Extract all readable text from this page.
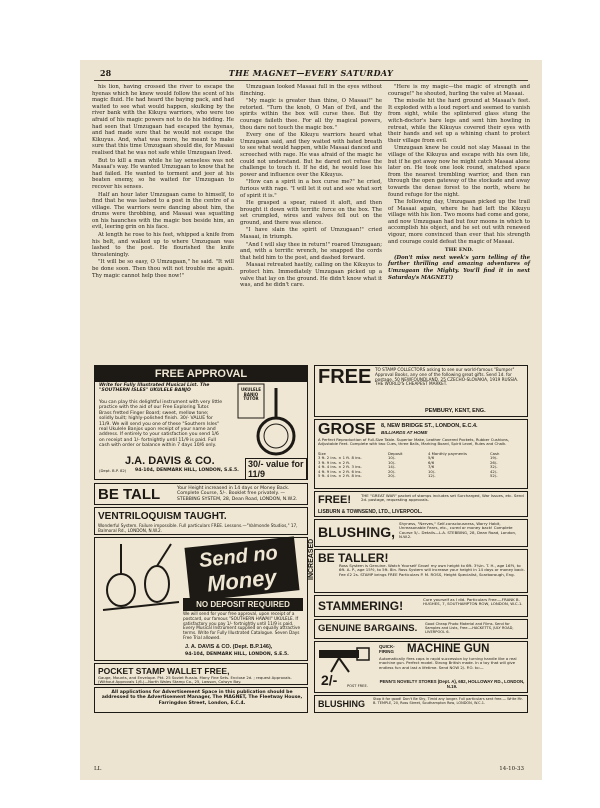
28	THE MAGNET—EVERY SATURDAY

his lion, having crossed the river to escape the hyenas which he knew would follow the scent of his magic fluid. He had heard the baying pack, and had waited to see what would happen, skulking by the river bank with the Kikuyu warriors, who were too afraid of his magic powers not to do his bidding. He had seen that Umzugaan had escaped the hyenas, and had made sure that he would not escape the Kikuyus. And, what was more, he meant to make sure that this time Umzugaan should die, for Masaai realised that he was not safe while Umzugaan lived.

But to kill a man while he lay senseless was not Masaai's way. He wanted Umzugaan to know that he had failed. He wanted to torment and jeer at his beaten enemy, so he waited for Umzugaan to recover his senses.

Half an hour later Umzugaan came to himself, to find that he was lashed to a post in the centre of a village. The warriors were dancing about him, the drums were throbbing, and Masaai was squatting on his haunches with the magic box beside him, an evil, leering grin on his face.

At length he rose to his feet, whipped a knife from his belt, and walked up to where Umzugaan was lashed to the post. He flourished the knife threateningly.

"It will be so easy, O Umzugaan," he said. "It will be done soon. Then thou wilt not trouble me again. Thy magic cannot help thee now!"

Umzugaan looked Masaai full in the eyes without flinching.

"My magic is greater than thine, O Masaai!" he retorted. "Turn the knob, O Man of Evil, and the spirits within the box will curse thee. But thy courage faileth thee. For all thy magical powers, thou dare not touch the magic box."

Every one of the Kikuyu warriors heard what Umzugaan said, and they waited with bated breath to see what would happen, while Masaai danced and screeched with rage. He was afraid of the magic he could not understand. But he dared not refuse the challenge to touch it. If he did, he would lose his power and influence over the Kikuyus.

"How can a spirit in a box curse me?" he cried, furious with rage. "I will let it out and see what sort of spirit it is."

He grasped a spear, raised it aloft, and then brought it down with terrific force on the box. The set crumpled, wires and valves fell out on the ground, and there was silence.

"I have slain the spirit of Umzugaan!" cried Masaai, in triumph.

"And I will slay thee in return!" roared Umzugaan; and, with a terrific wrench, he snapped the cords that held him to the post, and dashed forward.

Masaai retreated hastily, calling on the Kikuyus to protect him. Immediately Umzugaan picked up a valve that lay on the ground. He didn't know what it was, and he didn't care.

"Here is my magic—the magic of strength and courage!" he shouted, hurling the valve at Masaai.

The missile hit the hard ground at Masaai's feet. It exploded with a loud report and seemed to vanish from sight, while the splintered glass stung the witch-doctor's bare legs and sent him howling in retreat, while the Kikuyus covered their eyes with their hands and set up a whining chant to protect their village from evil.

Umzugaan knew he could not slay Masaai in the village of the Kikuyus and escape with his own life, but if he got away now he might catch Masaai alone later on. He took one look round, snatched space from the nearest trembling warrior, and then ran through the open gateway of the stockade and away towards the dense forest to the north, where he found refuge for the night.

The following day, Umzugaan picked up the trail of Masaai again, where he had left the Kikuyu village with his lion. Two moons had come and gone, and now Umzugaan had but four moons in which to accomplish his object, and he set out with renewed vigour, more convinced than ever that his strength and courage could defeat the magic of Masaai.

THE END.

(Don't miss next week's yarn telling of the further thrilling and amazing adventures of Umzugaan the Mighty. You'll find it in next Saturday's MAGNET!)

FREE APPROVAL
Write for Fully Illustrated Musical List. The "SOUTHERN ISLES" UKULELE BANJO
You can play this delightful instrument with very little practice with the aid of our Free Exploring Tutor. Brass fretted Finger Board; sweet, mellow tone; solidly built; highly-polished finish. 30/- VALUE for 11/9. We will send you one of these "Southern Isles" real Ukulele Banjos upon receipt of your name and address. If entirely to your satisfaction you send 1/6 on receipt and 1/- fortnightly until 11/9 is paid. Full cash with order or balance within 7 days 10/6 only.
UKULELE BANJO TUTOR
30/- value for 11/9
J.A. DAVIS & CO.
(Dept. B.P. 82) 94-104, DENMARK HILL, LONDON, S.E.5.
BE TALL	Your Height increased in 14 days or Money Back. Complete Course, 5/-. Booklet free privately. —STEBBING SYSTEM, 28, Dean Road, LONDON, N.W.2.
VENTRILOQUISM TAUGHT.
Wonderful System. Failure impossible. Full particulars FREE. Lessons.—"Valmonde Studios," 17, Balmoral Rd., LONDON, N.W.2.
Send no
Money
NO DEPOSIT REQUIRED
We will send for your free approval, upon receipt of a postcard, our famous "SOUTHERN HAWAII" UKULELE. If satisfactory you pay 1/- fortnightly until 11/9 is paid. Every Musical Instrument supplied on equally attractive terms. Write for Fully Illustrated Catalogue. Seven Days Free Trial allowed.
J. A. DAVIS & CO. (Dept. B.P.146),
94-104, DENMARK HILL, LONDON, S.E.5.
POCKET STAMP WALLET FREE,
Gauge, Mounts, and Envelope. Pkt. 25 Soviet Russia. Many Fine Sets. Enclose 2d. ; request Approvals. (Without Approvals 1/6.)—North Wales Stamp Co., 25, Lawson, Colwyn Bay.
All applications for Advertisement Space in this publication should be addressed to the Advertisement Manager, The MAGNET, The Fleetway House, Farringdon Street, London, E.C.4.
FREE TO STAMP COLLECTORS asking to see our world-famous "Bumper" Approval Books, any one of the following great gifts. Send 1d. for postage. 50 NEWFOUNDLAND, 25 CZECHO-SLOVAKIA, 1919 RUSSIA. THE WORLD'S CHEAPEST MARKET.
PEMBURY, KENT, ENG.
GROSE 8, NEW BRIDGE ST., LONDON, E.C.4.
BILLIARDS AT HOME
A Perfect Reproduction of Full-Size Table. Superior Make, Leather Covered Pockets, Rubber Cushions, Adjustable Feet. Complete with two Cues, three Balls, Marking Board, Spirit Level, Rules and Chalk.
Size	Deposit	4 Monthly payments	Cash
3 ft. 2 ins. × 1 ft. 8 ins.	10/-	5/6	19/-
3 ft. 9 ins. × 2 ft.	10/-	6/6	26/-
4 ft. 4 ins. × 2 ft. 3 ins.	14/-	7/6	32/-
4 ft. 9 ins. × 2 ft. 6 ins.	20/-	10/-	42/-
5 ft. 4 ins. × 2 ft. 8 ins.	20/-	12/-	52/-
FREE!	THE "GREAT WAR" packet of stamps includes set Surcharged, War Issues, etc. Send 2d. postage, requesting approvals.
LISBURN & TOWNSEND, LTD., LIVERPOOL.
BLUSHING,
Shyness, "Nerves," Self-consciousness, Worry Habit, Unreasonable Fears, etc., cured or money back! Complete Course 5/-. Details—L.A. STEBBING, 28, Dean Road, London, N.W.2.
BE TALLER!
INCREASED	Ross System is Genuine. Watch Yourself Grow! my own height to 6ft. 3¾in. T. H., age 16½, to 6ft. A. P., age 15½, to 5ft. 8in. Ross System will increase your height in 14 days or money back. Fee £2 2s. STAMP brings FREE Particulars P. M. ROSS, Height Specialist, Scarborough, Eng.
STAMMERING!	Cure yourself as I did. Particulars Free.—FRANK B. HUGHES, 7, SOUTHAMPTON ROW, LONDON, W.C.1.
GENUINE BARGAINS. Good Cheap Photo Material and Films. Send for Samples and Lists, Free.—HACKETTS, JULY ROAD, LIVERPOOL 6.
QUICK-FIRING	MACHINE GUN
Automatically fires caps in rapid succession by turning handle like a real machine gun. Perfect model. Strong British made. In a toy that will give endless fun and last a lifetime. Send NOW 2/- P.O. to:—
2/-	POST FREE.
PENN'S NOVELTY STORES (Dept. A), 682, HOLLOWAY RD., LONDON, N.19.
BLUSHING Stop it for good! Don't Be Shy, Timid any longer. Full particulars sent free.— Write Mr. B. TEMPLE, 20, Ross Street, Southampton Row, LONDON, W.C.1.
LL	14-10-33
